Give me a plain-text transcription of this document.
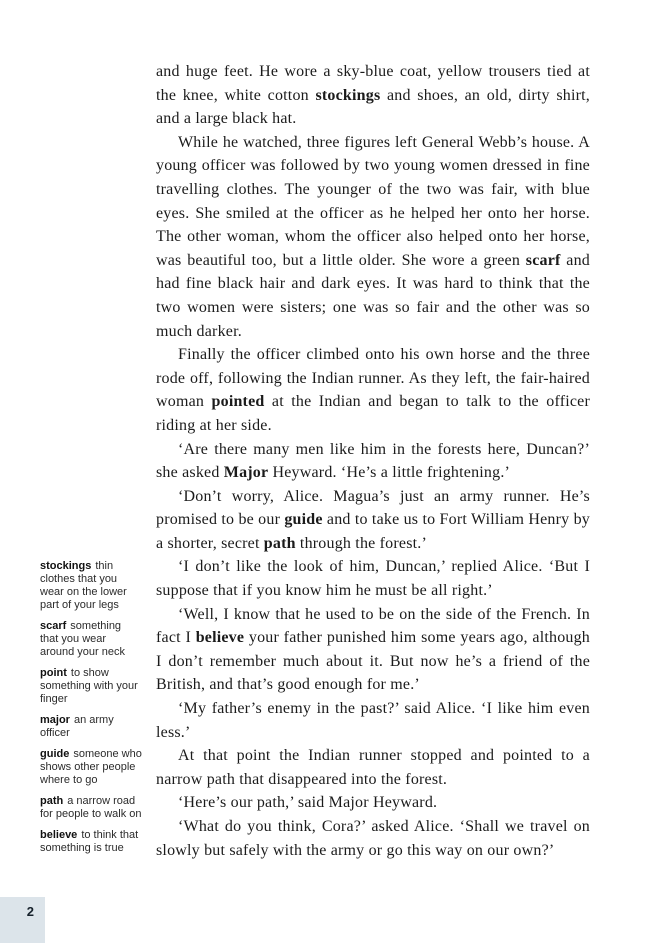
and huge feet. He wore a sky-blue coat, yellow trousers tied at the knee, white cotton stockings and shoes, an old, dirty shirt, and a large black hat.

While he watched, three figures left General Webb’s house. A young officer was followed by two young women dressed in fine travelling clothes. The younger of the two was fair, with blue eyes. She smiled at the officer as he helped her onto her horse. The other woman, whom the officer also helped onto her horse, was beautiful too, but a little older. She wore a green scarf and had fine black hair and dark eyes. It was hard to think that the two women were sisters; one was so fair and the other was so much darker.

Finally the officer climbed onto his own horse and the three rode off, following the Indian runner. As they left, the fair-haired woman pointed at the Indian and began to talk to the officer riding at her side.

‘Are there many men like him in the forests here, Duncan?’ she asked Major Heyward. ‘He’s a little frightening.’

‘Don’t worry, Alice. Magua’s just an army runner. He’s promised to be our guide and to take us to Fort William Henry by a shorter, secret path through the forest.’

‘I don’t like the look of him, Duncan,’ replied Alice. ‘But I suppose that if you know him he must be all right.’

‘Well, I know that he used to be on the side of the French. In fact I believe your father punished him some years ago, although I don’t remember much about it. But now he’s a friend of the British, and that’s good enough for me.’

‘My father’s enemy in the past?’ said Alice. ‘I like him even less.’

At that point the Indian runner stopped and pointed to a narrow path that disappeared into the forest.

‘Here’s our path,’ said Major Heyward.

‘What do you think, Cora?’ asked Alice. ‘Shall we travel on slowly but safely with the army or go this way on our own?’

stockings thin clothes that you wear on the lower part of your legs

scarf something that you wear around your neck

point to show something with your finger

major an army officer

guide someone who shows other people where to go

path a narrow road for people to walk on

believe to think that something is true

2
